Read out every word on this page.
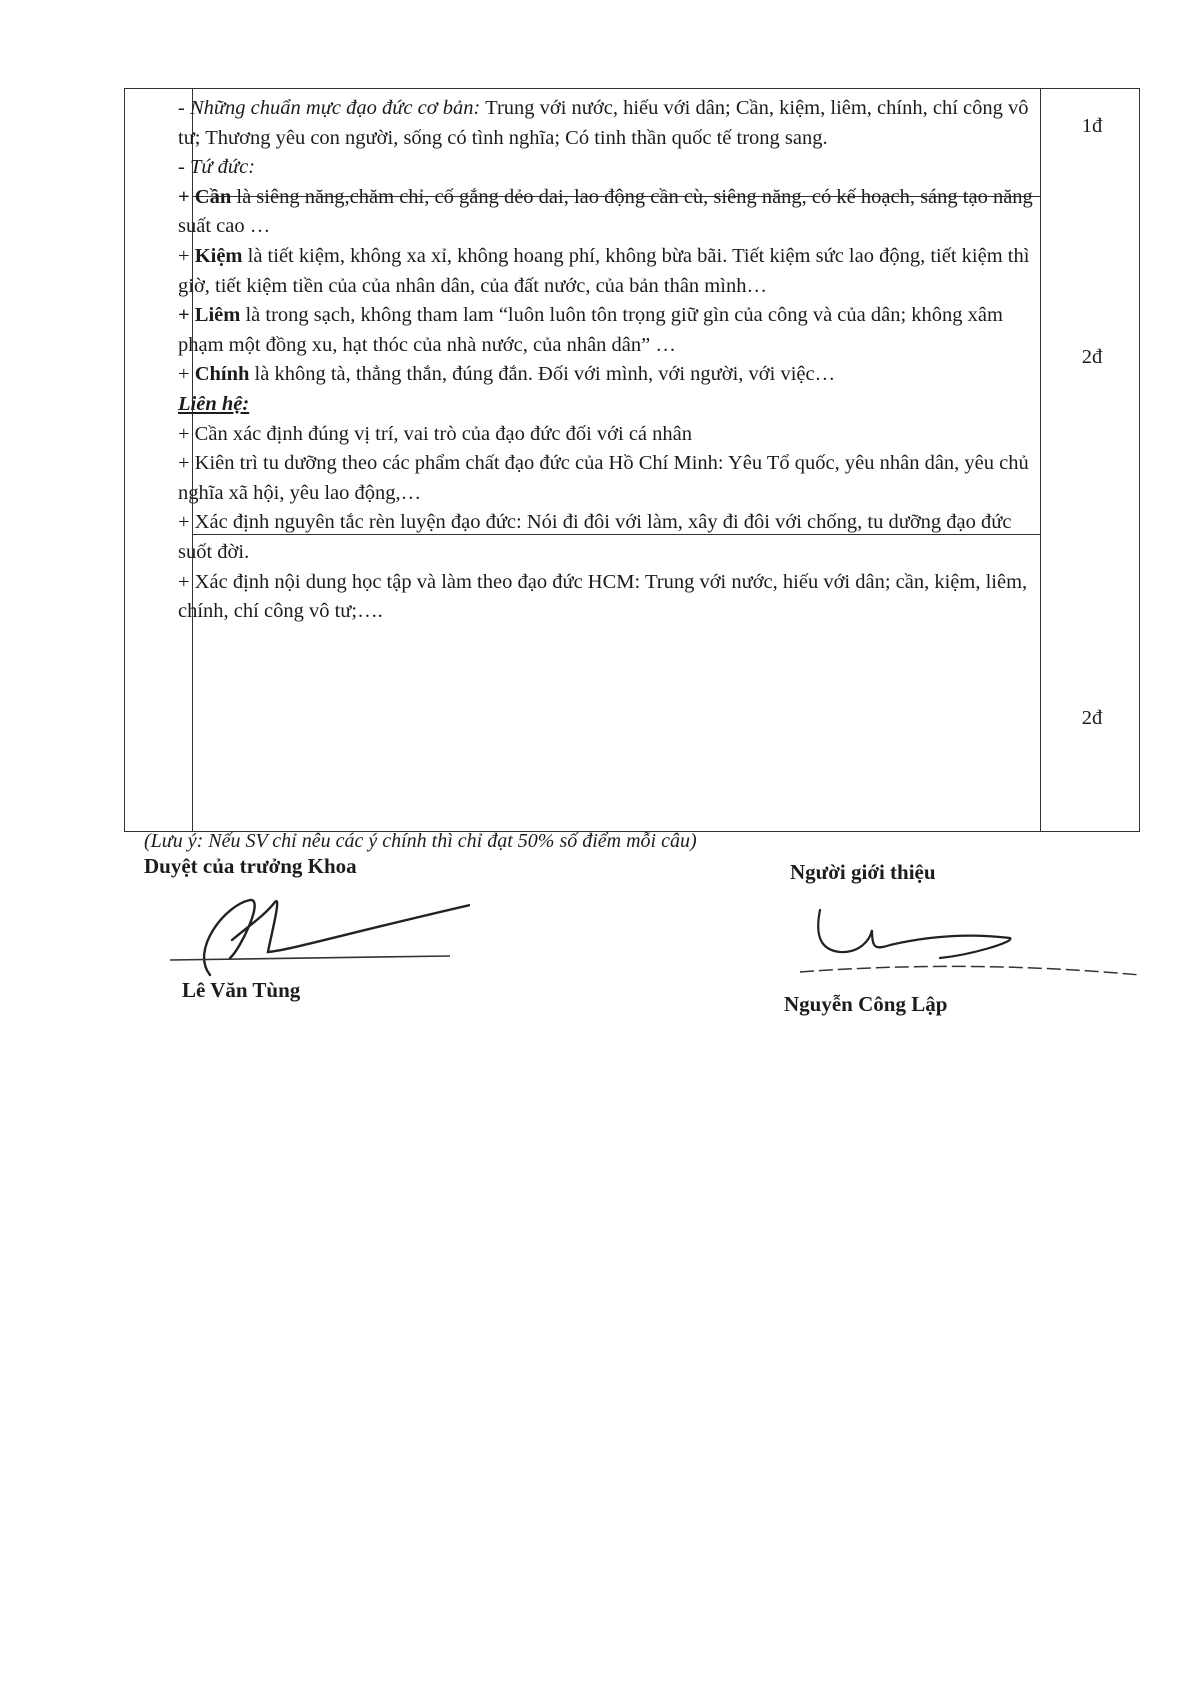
- Những chuẩn mực đạo đức cơ bản: Trung với nước, hiếu với dân; Cần, kiệm, liêm, chính, chí công vô tư; Thương yêu con người, sống có tình nghĩa; Có tinh thần quốc tế trong sang.

- Tứ đức:

+ Cần là siêng năng,chăm chỉ, cố gắng dẻo dai, lao động cần cù, siêng năng, có kế hoạch, sáng tạo năng suất cao …

+ Kiệm là tiết kiệm, không xa xỉ, không hoang phí, không bừa bãi. Tiết kiệm sức lao động, tiết kiệm thì giờ, tiết kiệm tiền của của nhân dân, của đất nước, của bản thân mình…

+ Liêm là trong sạch, không tham lam “luôn luôn tôn trọng giữ gìn của công và của dân; không xâm phạm một đồng xu, hạt thóc của nhà nước, của nhân dân” …

+ Chính là không tà, thẳng thắn, đúng đắn. Đối với mình, với người, với việc…

Liên hệ:

+ Cần xác định đúng vị trí, vai trò của đạo đức đối với cá nhân

+ Kiên trì tu dưỡng theo các phẩm chất đạo đức của Hồ Chí Minh: Yêu Tổ quốc, yêu nhân dân, yêu chủ nghĩa xã hội, yêu lao động,…

+ Xác định nguyên tắc rèn luyện đạo đức: Nói đi đôi với làm, xây đi đôi với chống, tu dưỡng đạo đức suốt đời.

+ Xác định nội dung học tập và làm theo đạo đức HCM: Trung với nước, hiếu với dân; cần, kiệm, liêm, chính, chí công vô tư;….

1đ
2đ
2đ
(Lưu ý: Nếu SV chỉ nêu các ý chính thì chỉ đạt 50% số điểm mỗi câu)
Duyệt của trưởng Khoa
Lê Văn Tùng
Người giới thiệu
Nguyễn Công Lập
